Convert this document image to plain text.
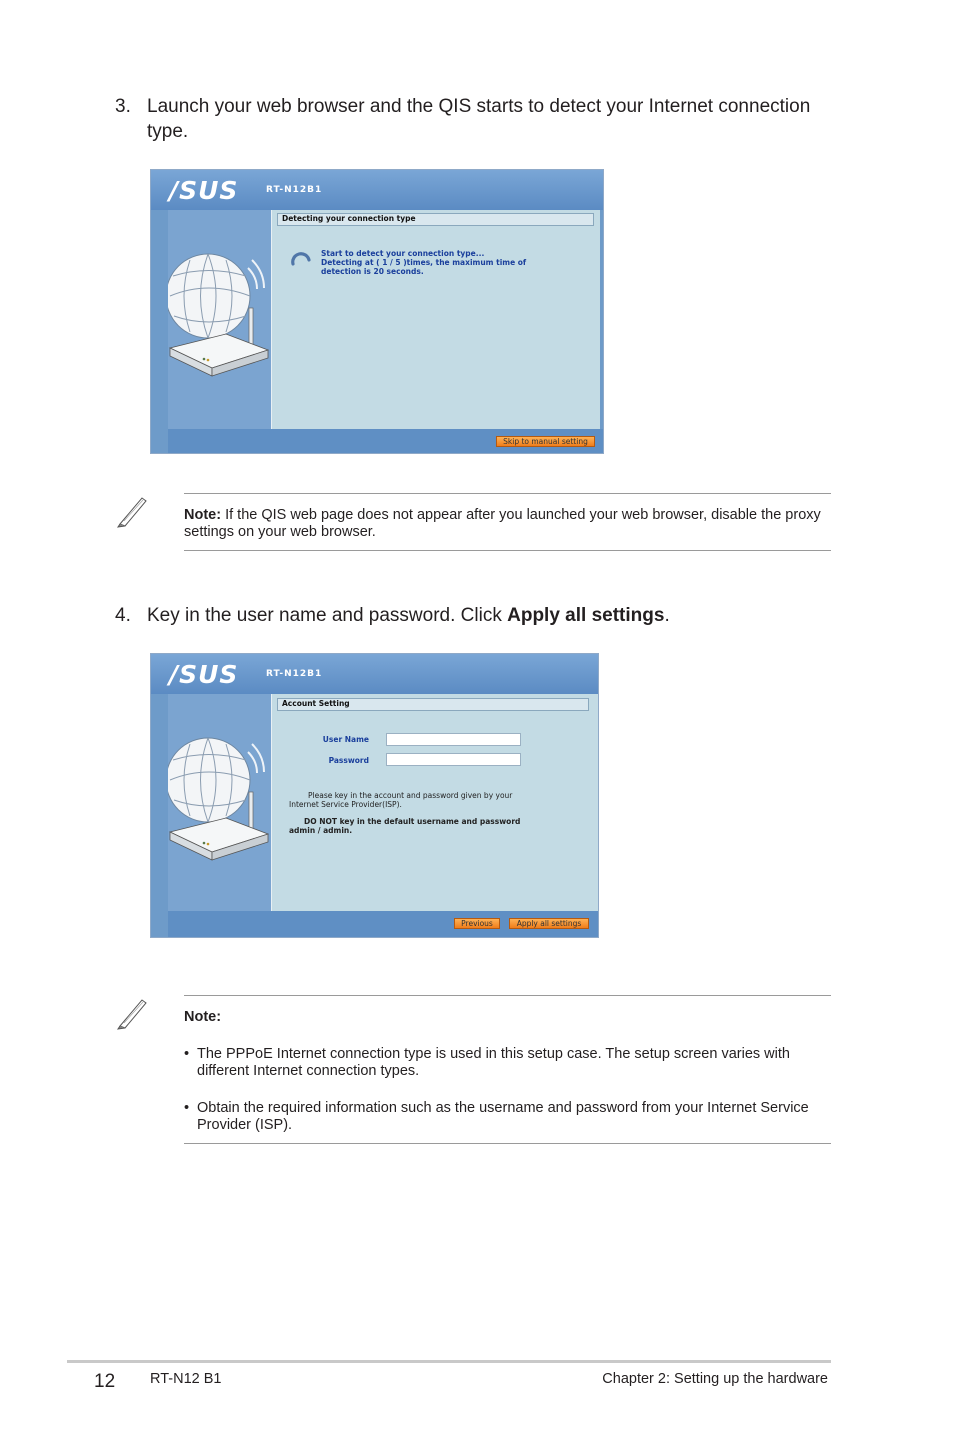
3. Launch your web browser and the QIS starts to detect your Internet connection type.
/SUS	RT-N12B1
Detecting your connection type
Start to detect your connection type...
Detecting at ( 1 / 5 )times, the maximum time of
detection is 20 seconds.
Skip to manual setting
Note: If the QIS web page does not appear after you launched your web browser, disable the proxy settings on your web browser.
4. Key in the user name and password. Click Apply all settings.
/SUS	RT-N12B1
Account Setting
User Name
Password
Please key in the account and password given by your
Internet Service Provider(ISP).
DO NOT key in the default username and password
admin / admin.
Previous	Apply all settings
Note:
• The PPPoE Internet connection type is used in this setup case. The setup screen varies with different Internet connection types.
• Obtain the required information such as the username and password from your Internet Service Provider (ISP).
12 RT-N12 B1	Chapter 2: Setting up the hardware
